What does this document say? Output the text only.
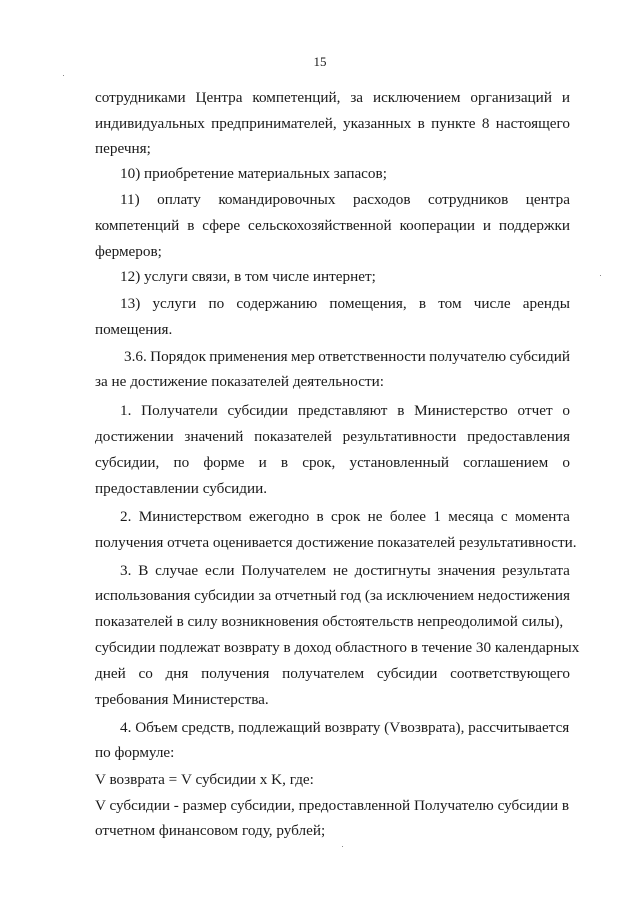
15
сотрудниками Центра компетенций, за исключением организаций и
индивидуальных предпринимателей, указанных в пункте 8 настоящего
перечня;
10) приобретение материальных запасов;
11) оплату командировочных расходов сотрудников центра
компетенций в сфере сельскохозяйственной кооперации и поддержки
фермеров;
12) услуги связи, в том числе интернет;
13) услуги по содержанию помещения, в том числе аренды
помещения.
3.6. Порядок применения мер ответственности получателю субсидий
за не достижение показателей деятельности:
1. Получатели субсидии представляют в Министерство отчет о
достижении значений показателей результативности предоставления
субсидии, по форме и в срок, установленный соглашением о
предоставлении субсидии.
2. Министерством ежегодно в срок не более 1 месяца с момента
получения отчета оценивается достижение показателей результативности.
3. В случае если Получателем не достигнуты значения результата
использования субсидии за отчетный год (за исключением недостижения
показателей в силу возникновения обстоятельств непреодолимой силы),
субсидии подлежат возврату в доход областного в течение 30 календарных
дней со дня получения получателем субсидии соответствующего
требования Министерства.
4. Объем средств, подлежащий возврату (Vвозврата), рассчитывается
по формуле:
V возврата = V субсидии x K, где:
V субсидии - размер субсидии, предоставленной Получателю субсидии в
отчетном финансовом году, рублей;
